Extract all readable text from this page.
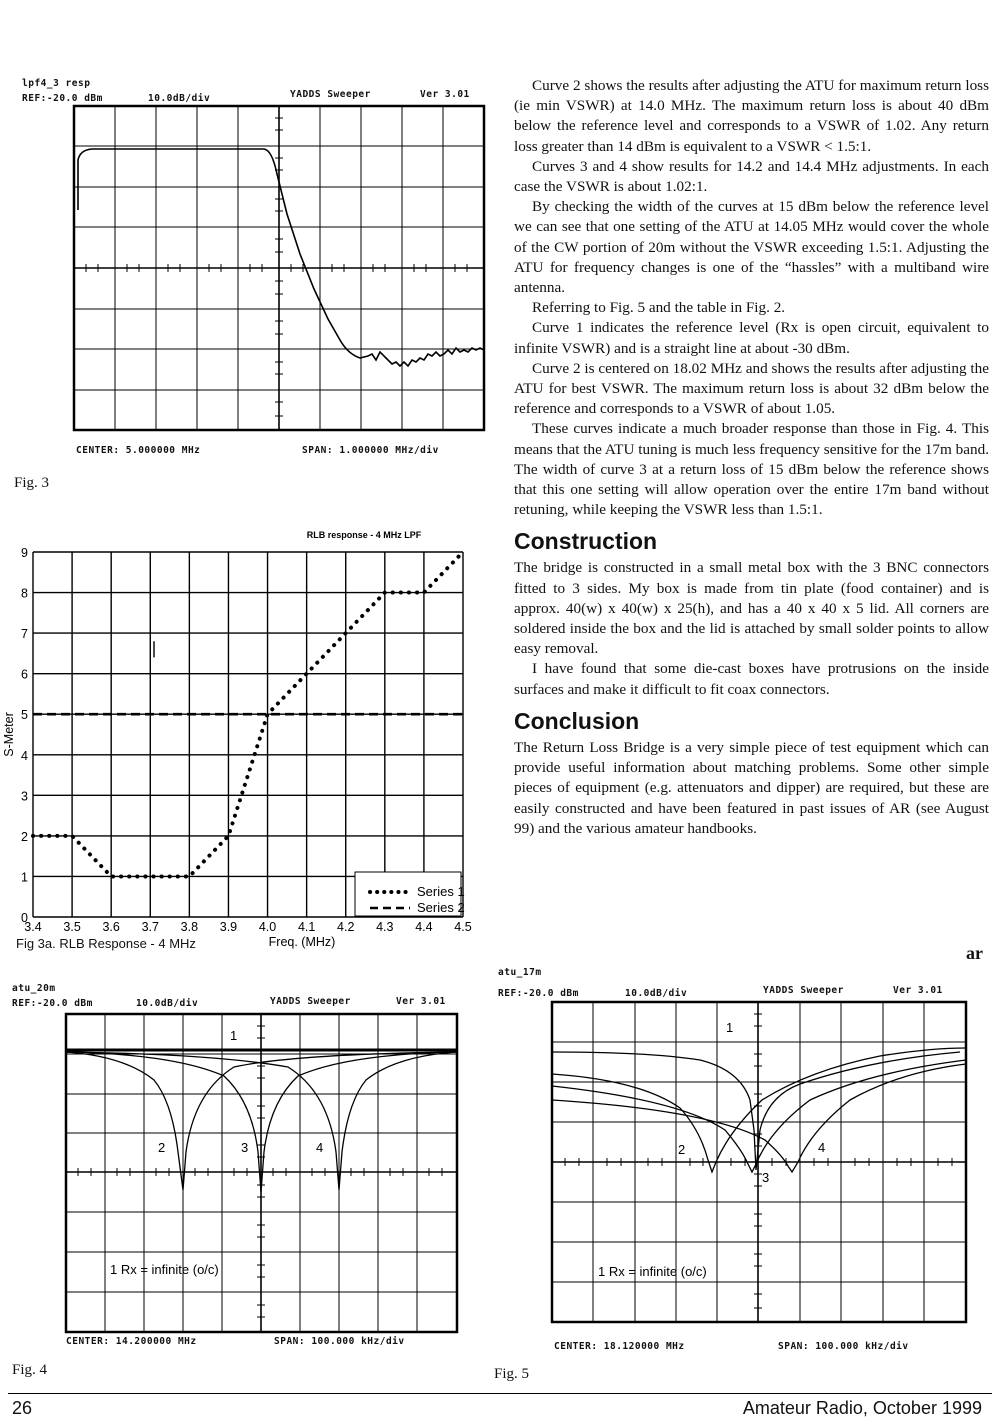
lpf4_3 resp
REF:-20.0 dBm	10.0dB/div	YADDS Sweeper	Ver 3.01
CENTER: 5.000000 MHz	SPAN: 1.000000 MHz/div
Fig. 3
3.4 3.5 3.6 3.7 3.8 3.9 4.0 4.1 4.2 4.3 4.4 4.5
0
1
2
3
4
5
6
7
8
9
RLB response - 4 MHz LPF
Freq. (MHz)
S-Meter
Series 1
Series 2
Fig 3a. RLB Response - 4 MHz
atu_20m
REF:-20.0 dBm	10.0dB/div	YADDS Sweeper	Ver 3.01
1
2	3	4
1 Rx = infinite (o/c)
CENTER: 14.200000 MHz	SPAN: 100.000 kHz/div
Fig. 4
atu_17m
REF:-20.0 dBm	10.0dB/div	YADDS Sweeper	Ver 3.01
1
2
3
4
1 Rx = infinite (o/c)
CENTER: 18.120000 MHz	SPAN: 100.000 kHz/div
Fig. 5

Curve 2 shows the results after adjusting the ATU for maximum return loss (ie min VSWR) at 14.0 MHz. The maximum return loss is about 40 dBm below the reference level and corresponds to a VSWR of 1.02. Any return loss greater than 14 dBm is equivalent to a VSWR < 1.5:1.

Curves 3 and 4 show results for 14.2 and 14.4 MHz adjustments. In each case the VSWR is about 1.02:1.

By checking the width of the curves at 15 dBm below the reference level we can see that one setting of the ATU at 14.05 MHz would cover the whole of the CW portion of 20m without the VSWR exceeding 1.5:1. Adjusting the ATU for frequency changes is one of the “hassles” with a multiband wire antenna.

Referring to Fig. 5 and the table in Fig. 2.

Curve 1 indicates the reference level (Rx is open circuit, equivalent to infinite VSWR) and is a straight line at about -30 dBm.

Curve 2 is centered on 18.02 MHz and shows the results after adjusting the ATU for best VSWR. The maximum return loss is about 32 dBm below the reference and corresponds to a VSWR of about 1.05.

These curves indicate a much broader response than those in Fig. 4. This means that the ATU tuning is much less frequency sensitive for the 17m band. The width of curve 3 at a return loss of 15 dBm below the reference shows that this one setting will allow operation over the entire 17m band without retuning, while keeping the VSWR less than 1.5:1.

Construction

The bridge is constructed in a small metal box with the 3 BNC connectors fitted to 3 sides. My box is made from tin plate (food container) and is approx. 40(w) x 40(w) x 25(h), and has a 40 x 40 x 5 lid. All corners are soldered inside the box and the lid is attached by small solder points to allow easy removal.

I have found that some die-cast boxes have protrusions on the inside surfaces and make it difficult to fit coax connectors.

Conclusion

The Return Loss Bridge is a very simple piece of test equipment which can provide useful information about matching problems. Some other simple pieces of equipment (e.g. attenuators and dipper) are required, but these are easily constructed and have been featured in past issues of AR (see August 99) and the various amateur handbooks.

ar
26	Amateur Radio, October 1999
